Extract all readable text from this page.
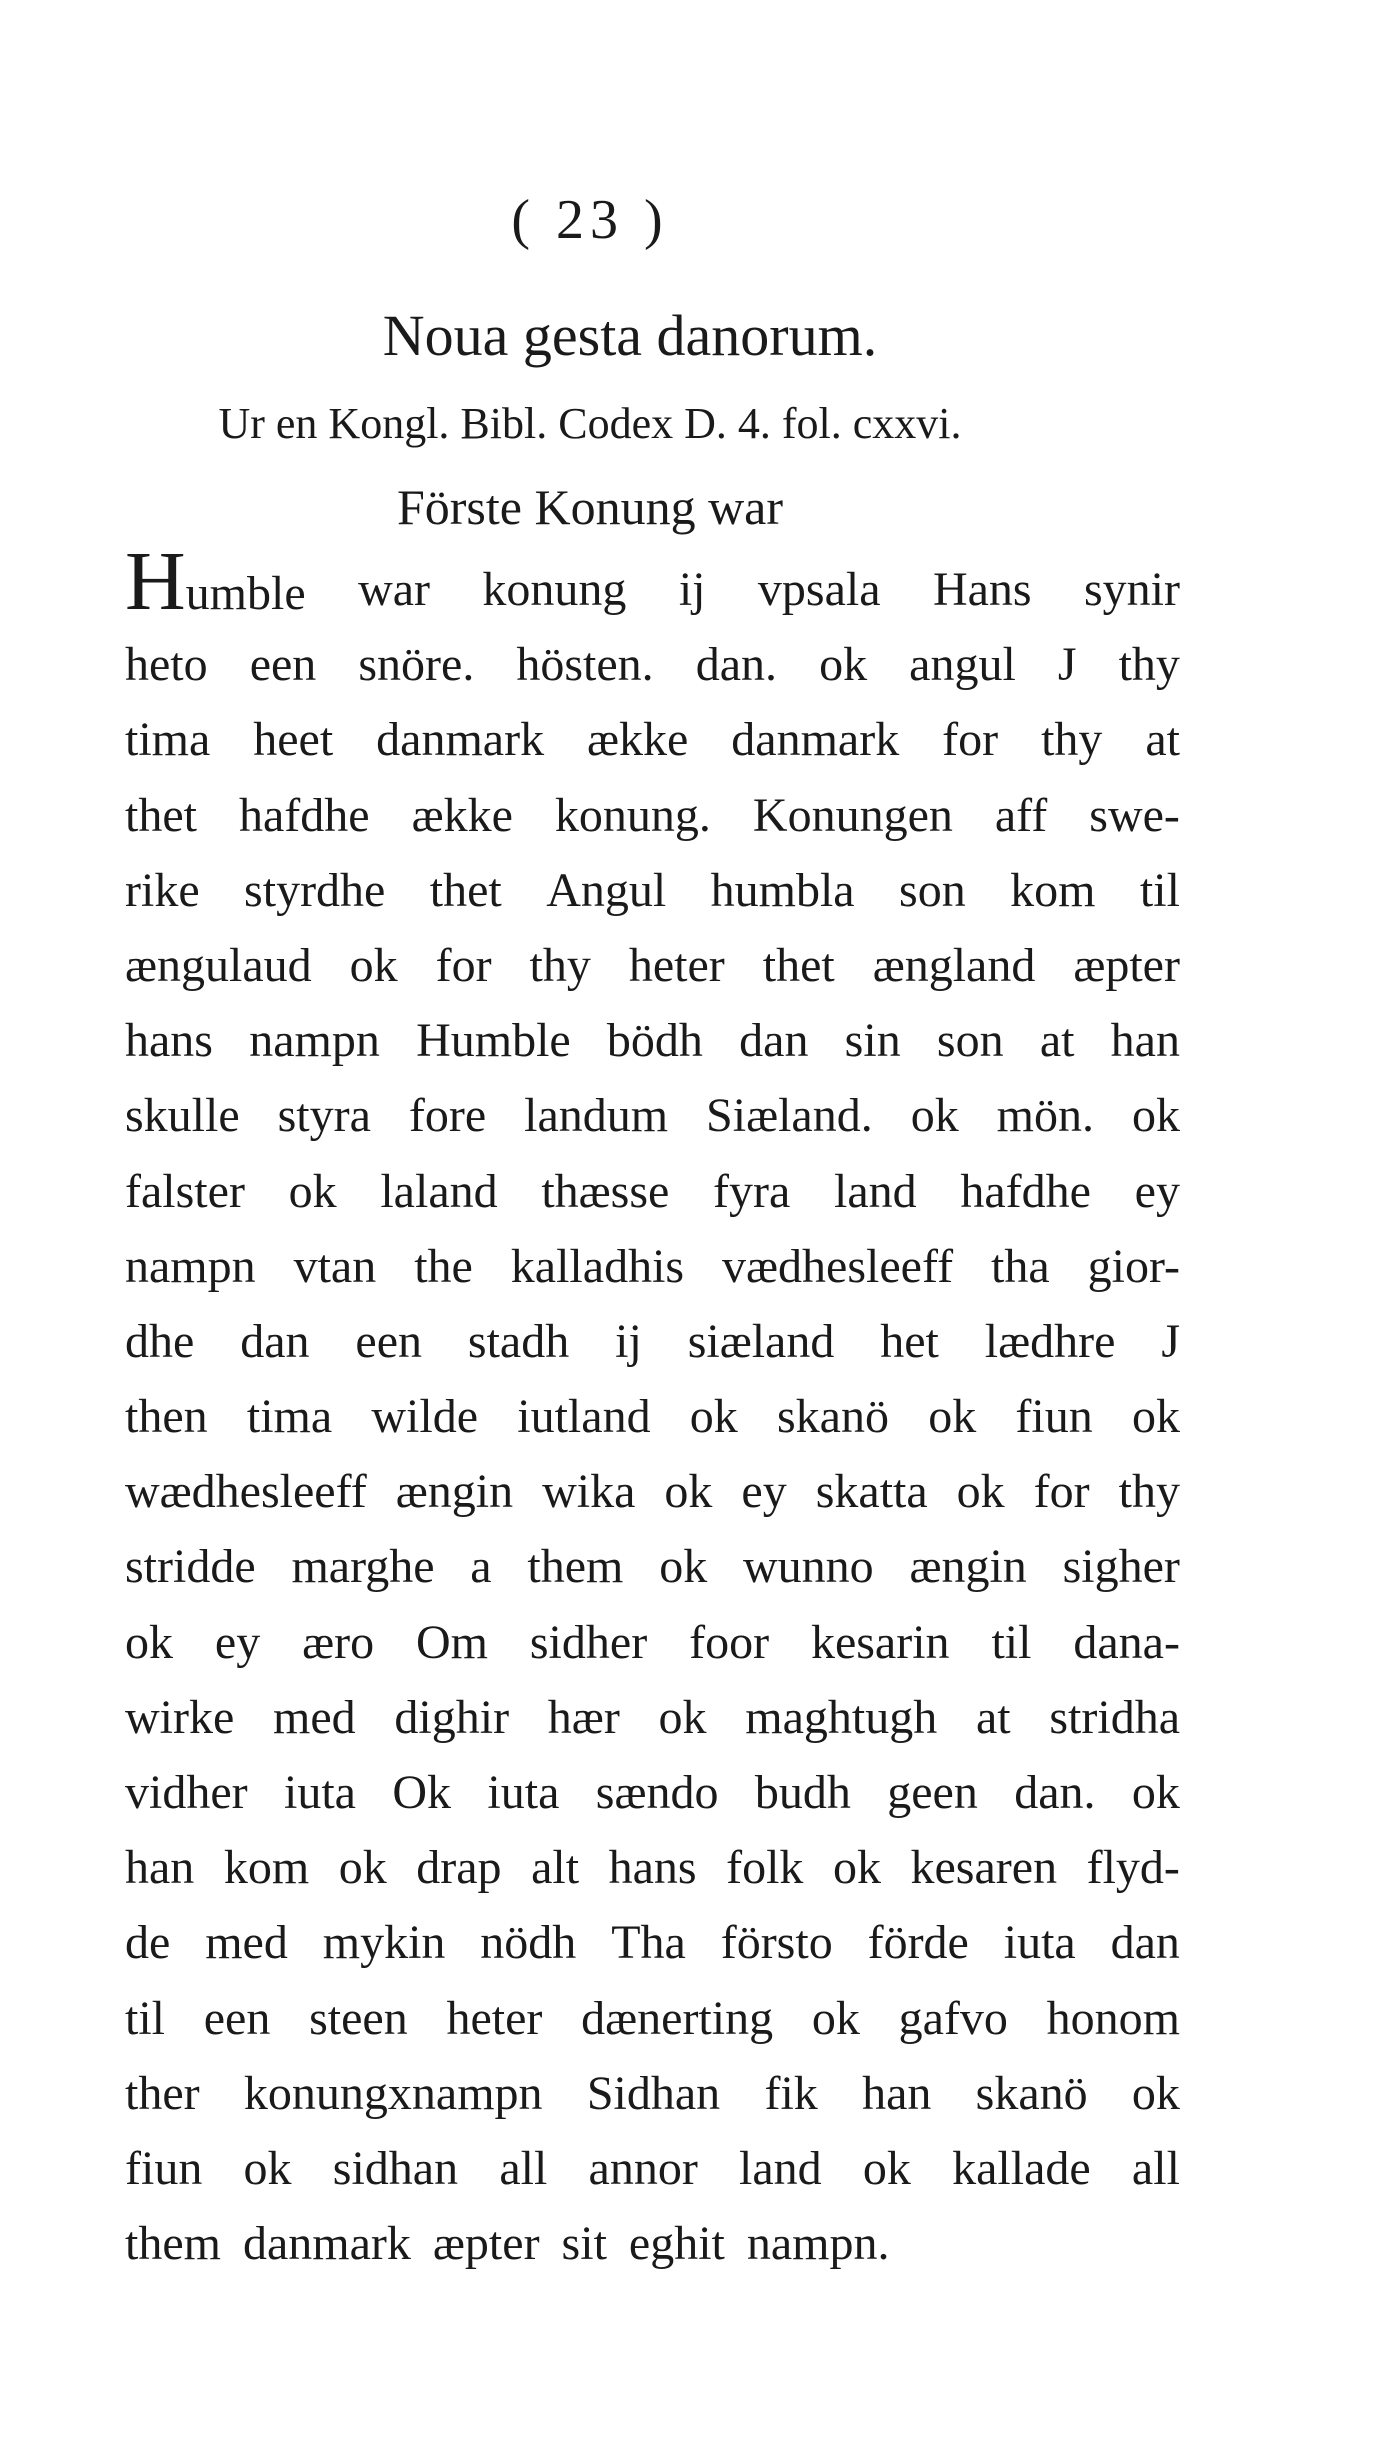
( 23 )
Noua gesta danorum.
Ur en Kongl. Bibl. Codex D. 4. fol. cxxvi.
Förste Konung war
Humble war konung ij vpsala Hans synir
heto een snöre. hösten. dan. ok angul J thy
tima heet danmark ække danmark for thy at
thet hafdhe ække konung. Konungen aff swe-
rike styrdhe thet Angul humbla son kom til
ængulaud ok for thy heter thet ængland æpter
hans nampn Humble bödh dan sin son at han
skulle styra fore landum Siæland. ok mön. ok
falster ok laland thæsse fyra land hafdhe ey
nampn vtan the kalladhis vædhesleeff tha gior-
dhe dan een stadh ij siæland het lædhre J
then tima wilde iutland ok skanö ok fiun ok
wædhesleeff ængin wika ok ey skatta ok for thy
stridde marghe a them ok wunno ængin sigher
ok ey æro Om sidher foor kesarin til dana-
wirke med dighir hær ok maghtugh at stridha
vidher iuta Ok iuta sændo budh geen dan. ok
han kom ok drap alt hans folk ok kesaren flyd-
de med mykin nödh Tha försto förde iuta dan
til een steen heter dænerting ok gafvo honom
ther konungxnampn Sidhan fik han skanö ok
fiun ok sidhan all annor land ok kallade all
them danmark æpter sit eghit nampn.
